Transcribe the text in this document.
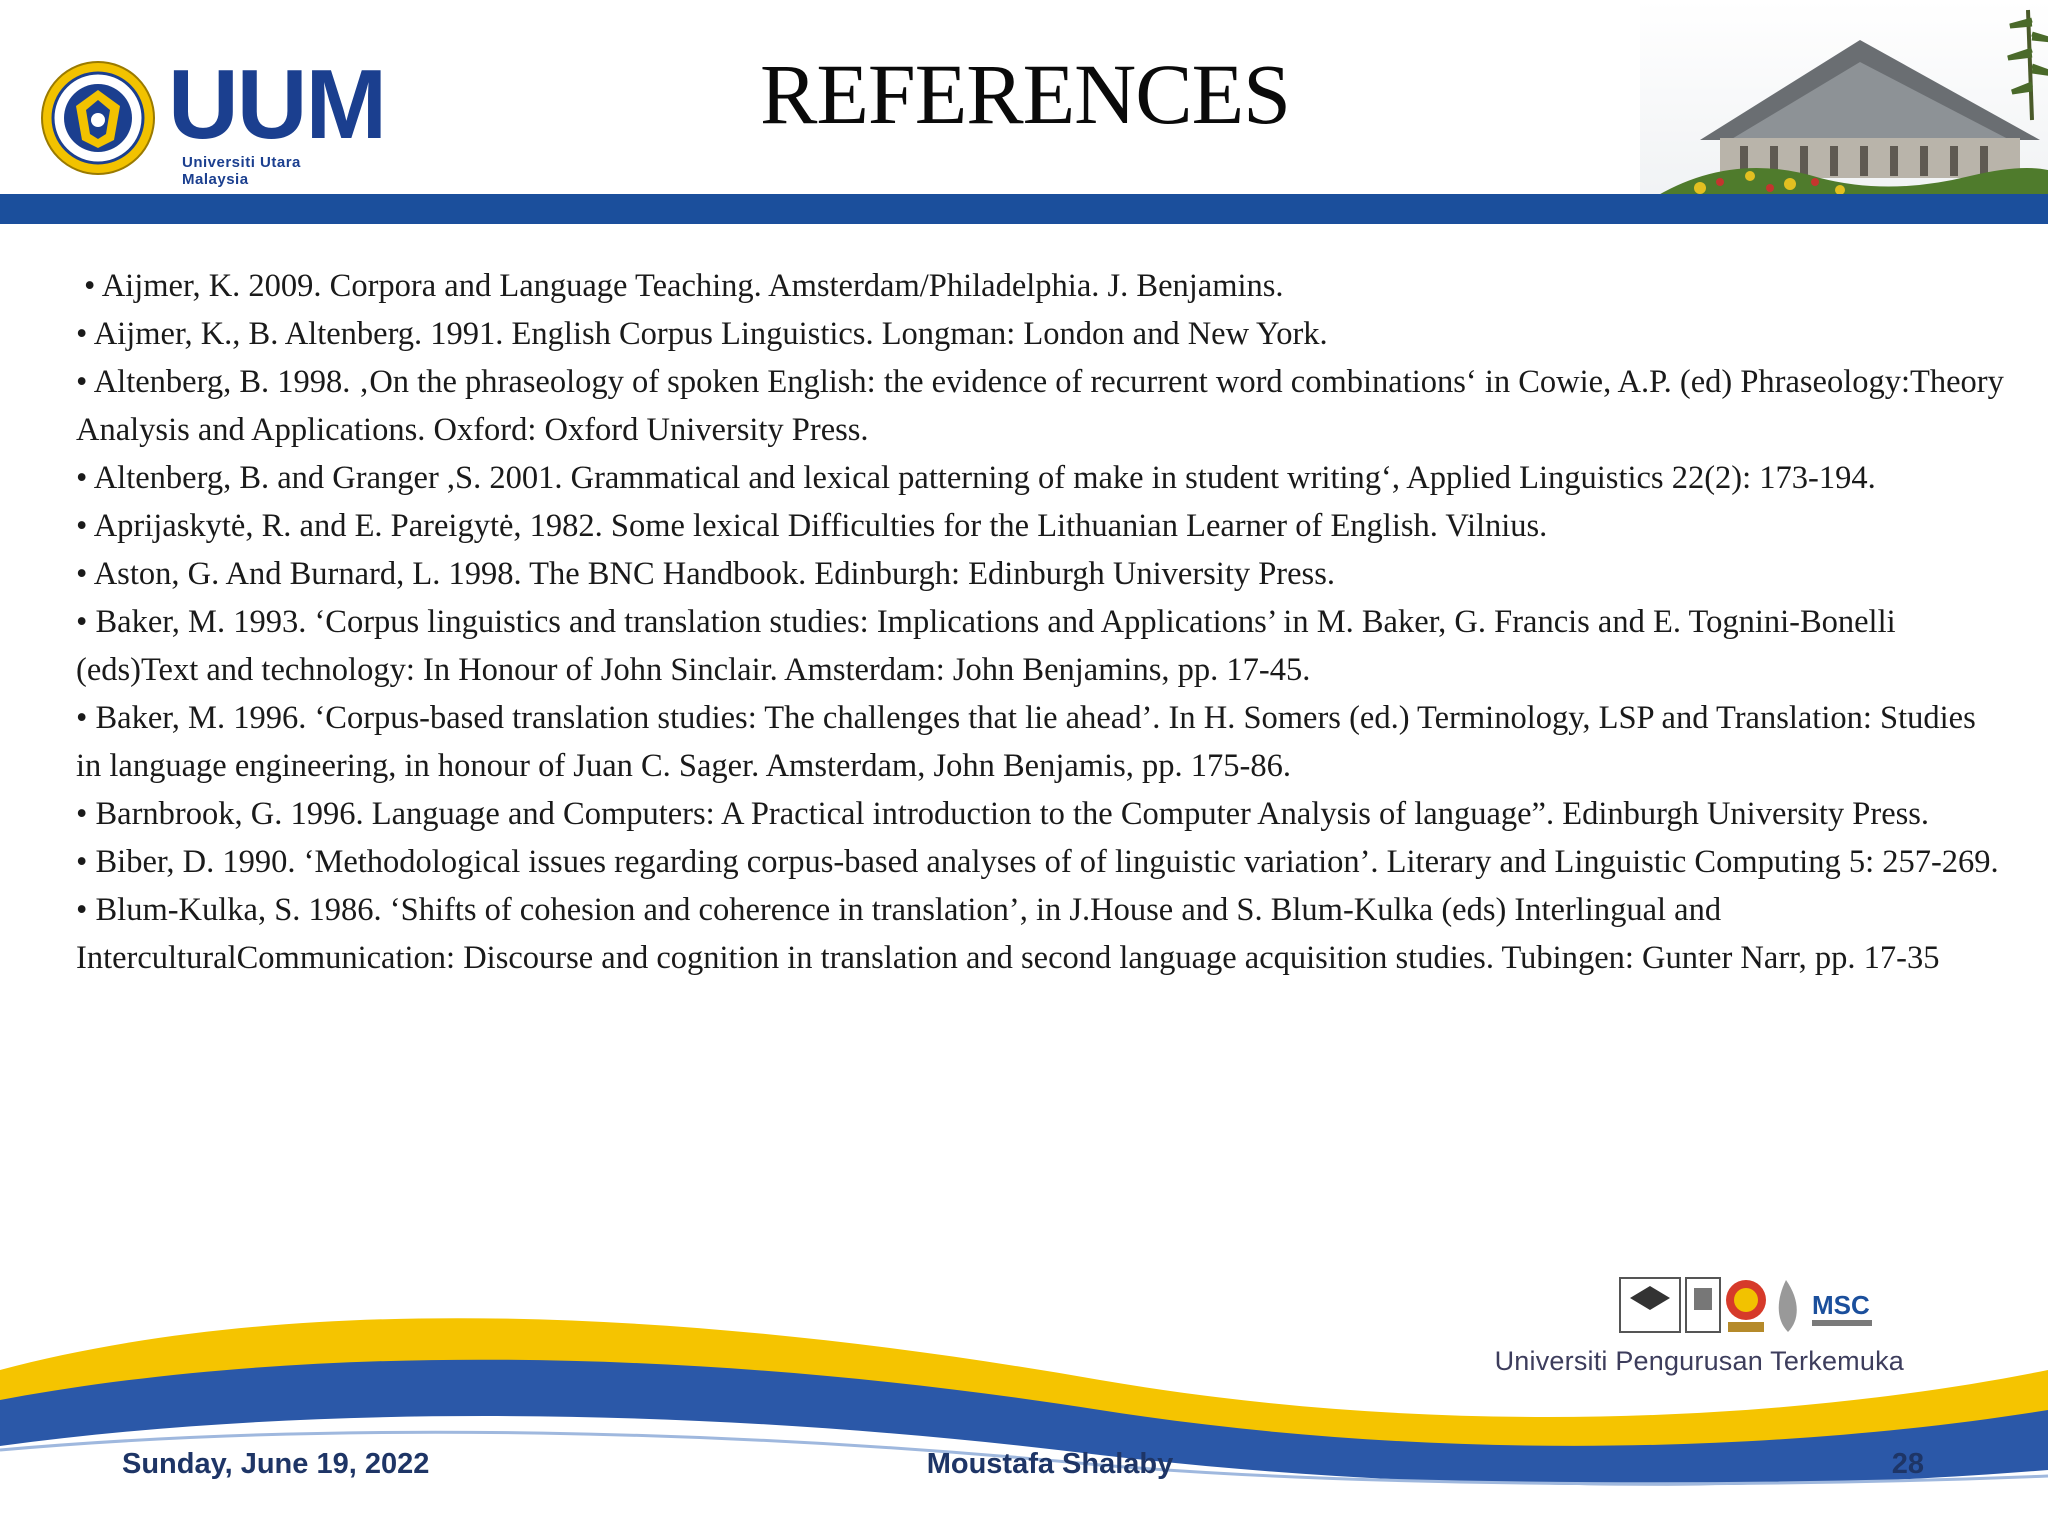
UUM
Universiti Utara Malaysia
REFERENCES
• Aijmer, K. 2009. Corpora and Language Teaching. Amsterdam/Philadelphia. J. Benjamins.
• Aijmer, K., B. Altenberg. 1991. English Corpus Linguistics. Longman: London and New York.
• Altenberg, B. 1998. ‚On the phraseology of spoken English: the evidence of recurrent word combinations‘ in Cowie, A.P. (ed) Phraseology:Theory Analysis and Applications. Oxford: Oxford University Press.
• Altenberg, B. and Granger ,S. 2001. Grammatical and lexical patterning of make in student writing‘, Applied Linguistics 22(2): 173-194.
• Aprijaskytė, R. and E. Pareigytė, 1982. Some lexical Difficulties for the Lithuanian Learner of English. Vilnius.
• Aston, G. And Burnard, L. 1998. The BNC Handbook. Edinburgh: Edinburgh University Press.
• Baker, M. 1993. ‘Corpus linguistics and translation studies: Implications and Applications’ in M. Baker, G. Francis and E. Tognini-Bonelli (eds)Text and technology: In Honour of John Sinclair. Amsterdam: John Benjamins, pp. 17-45.
• Baker, M. 1996. ‘Corpus-based translation studies: The challenges that lie ahead’. In H. Somers (ed.) Terminology, LSP and Translation: Studies in language engineering, in honour of Juan C. Sager. Amsterdam, John Benjamis, pp. 175-86.
• Barnbrook, G. 1996. Language and Computers: A Practical introduction to the Computer Analysis of language”. Edinburgh University Press.
• Biber, D. 1990. ‘Methodological issues regarding corpus-based analyses of of linguistic variation’. Literary and Linguistic Computing 5: 257-269.
• Blum-Kulka, S. 1986. ‘Shifts of cohesion and coherence in translation’, in J.House and S. Blum-Kulka (eds) Interlingual and InterculturalCommunication: Discourse and cognition in translation and second language acquisition studies. Tubingen: Gunter Narr, pp. 17-35
MSC
Universiti Pengurusan Terkemuka
Sunday, June 19, 2022	Moustafa Shalaby	28
